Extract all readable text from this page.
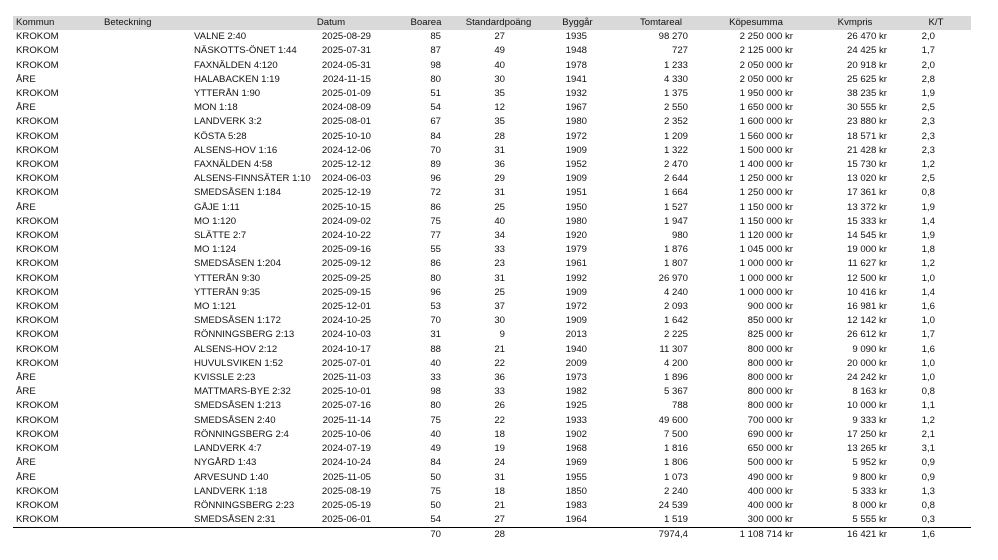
Kommun	Beteckning	Datum	Boarea	Standardpoäng	Byggår	Tomtareal	Köpesumma	Kvmpris	K/T
KROKOM	VALNE 2:40	2025-08-29	85	27	1935	98 270	2 250 000 kr	26 470 kr	2,0
KROKOM	NÄSKOTTS-ÖNET 1:44	2025-07-31	87	49	1948	727	2 125 000 kr	24 425 kr	1,7
KROKOM	FAXNÄLDEN 4:120	2024-05-31	98	40	1978	1 233	2 050 000 kr	20 918 kr	2,0
ÅRE	HALABACKEN 1:19	2024-11-15	80	30	1941	4 330	2 050 000 kr	25 625 kr	2,8
KROKOM	YTTERÅN 1:90	2025-01-09	51	35	1932	1 375	1 950 000 kr	38 235 kr	1,9
ÅRE	MON 1:18	2024-08-09	54	12	1967	2 550	1 650 000 kr	30 555 kr	2,5
KROKOM	LANDVERK 3:2	2025-08-01	67	35	1980	2 352	1 600 000 kr	23 880 kr	2,3
KROKOM	KÖSTA 5:28	2025-10-10	84	28	1972	1 209	1 560 000 kr	18 571 kr	2,3
KROKOM	ALSENS-HOV 1:16	2024-12-06	70	31	1909	1 322	1 500 000 kr	21 428 kr	2,3
KROKOM	FAXNÄLDEN 4:58	2025-12-12	89	36	1952	2 470	1 400 000 kr	15 730 kr	1,2
KROKOM	ALSENS-FINNSÄTER 1:10	2024-06-03	96	29	1909	2 644	1 250 000 kr	13 020 kr	2,5
KROKOM	SMEDSÅSEN 1:184	2025-12-19	72	31	1951	1 664	1 250 000 kr	17 361 kr	0,8
ÅRE	GÅJE 1:11	2025-10-15	86	25	1950	1 527	1 150 000 kr	13 372 kr	1,9
KROKOM	MO 1:120	2024-09-02	75	40	1980	1 947	1 150 000 kr	15 333 kr	1,4
KROKOM	SLÄTTE 2:7	2024-10-22	77	34	1920	980	1 120 000 kr	14 545 kr	1,9
KROKOM	MO 1:124	2025-09-16	55	33	1979	1 876	1 045 000 kr	19 000 kr	1,8
KROKOM	SMEDSÅSEN 1:204	2025-09-12	86	23	1961	1 807	1 000 000 kr	11 627 kr	1,2
KROKOM	YTTERÅN 9:30	2025-09-25	80	31	1992	26 970	1 000 000 kr	12 500 kr	1,0
KROKOM	YTTERÅN 9:35	2025-09-15	96	25	1909	4 240	1 000 000 kr	10 416 kr	1,4
KROKOM	MO 1:121	2025-12-01	53	37	1972	2 093	900 000 kr	16 981 kr	1,6
KROKOM	SMEDSÅSEN 1:172	2024-10-25	70	30	1909	1 642	850 000 kr	12 142 kr	1,0
KROKOM	RÖNNINGSBERG 2:13	2024-10-03	31	9	2013	2 225	825 000 kr	26 612 kr	1,7
KROKOM	ALSENS-HOV 2:12	2024-10-17	88	21	1940	11 307	800 000 kr	9 090 kr	1,6
KROKOM	HUVULSVIKEN 1:52	2025-07-01	40	22	2009	4 200	800 000 kr	20 000 kr	1,0
ÅRE	KVISSLE 2:23	2025-11-03	33	36	1973	1 896	800 000 kr	24 242 kr	1,0
ÅRE	MATTMARS-BYE 2:32	2025-10-01	98	33	1982	5 367	800 000 kr	8 163 kr	0,8
KROKOM	SMEDSÅSEN 1:213	2025-07-16	80	26	1925	788	800 000 kr	10 000 kr	1,1
KROKOM	SMEDSÅSEN 2:40	2025-11-14	75	22	1933	49 600	700 000 kr	9 333 kr	1,2
KROKOM	RÖNNINGSBERG 2:4	2025-10-06	40	18	1902	7 500	690 000 kr	17 250 kr	2,1
KROKOM	LANDVERK 4:7	2024-07-19	49	19	1968	1 816	650 000 kr	13 265 kr	3,1
ÅRE	NYGÅRD 1:43	2024-10-24	84	24	1969	1 806	500 000 kr	5 952 kr	0,9
ÅRE	ARVESUND 1:40	2025-11-05	50	31	1955	1 073	490 000 kr	9 800 kr	0,9
KROKOM	LANDVERK 1:18	2025-08-19	75	18	1850	2 240	400 000 kr	5 333 kr	1,3
KROKOM	RÖNNINGSBERG 2:23	2025-05-19	50	21	1983	24 539	400 000 kr	8 000 kr	0,8
KROKOM	SMEDSÅSEN 2:31	2025-06-01	54	27	1964	1 519	300 000 kr	5 555 kr	0,3
			70	28		7974,4	1 108 714 kr	16 421 kr	1,6
